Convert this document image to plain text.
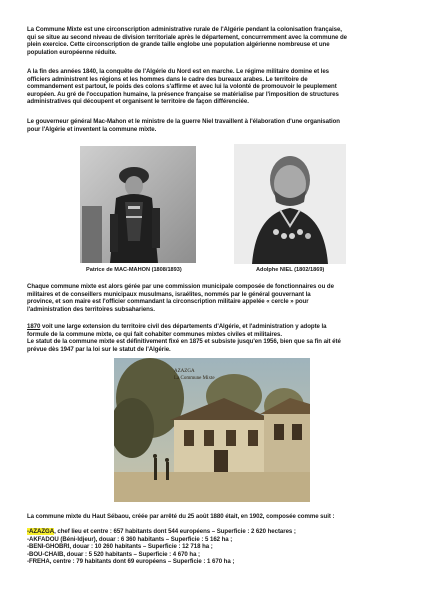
La Commune Mixte est une circonscription administrative rurale de l'Algérie pendant la colonisation française,
qui se situe au second niveau de division territoriale après le département, concurremment avec la commune de
plein exercice. Cette circonscription de grande taille englobe une population algérienne nombreuse et une
population européenne réduite.
A la fin des années 1840, la conquête de l'Algérie du Nord est en marche. Le régime militaire domine et les
officiers administrent les régions et les hommes dans le cadre des bureaux arabes. Le territoire de
commandement est partout, le poids des colons s'affirme et avec lui la volonté de promouvoir le peuplement
européen. Au gré de l'occupation humaine, la présence française se matérialise par l'imposition de structures
administratives qui découpent et organisent le territoire de façon différenciée.
Le gouverneur général Mac-Mahon et le ministre de la guerre Niel travaillent à l'élaboration d'une organisation
pour l'Algérie et inventent la commune mixte.
Patrice de MAC-MAHON (1808/1893)	Adolphe NIEL (1802/1869)
Chaque commune mixte est alors gérée par une commission municipale composée de fonctionnaires ou de
militaires et de conseillers municipaux musulmans, israélites, nommés par le général gouvernant la
province, et son maire est l'officier commandant la circonscription militaire appelée « cercle » pour
l'administration des territoires subsahariens.
1870 voit une large extension du territoire civil des départements d'Algérie, et l'administration y adopte la
formule de la commune mixte, ce qui fait cohabiter communes mixtes civiles et militaires.
Le statut de la commune mixte est définitivement fixé en 1875 et subsiste jusqu'en 1956, bien que sa fin ait été
prévue dès 1947 par la loi sur le statut de l'Algérie.
AZAZGA
La Commune Mixte
La commune mixte du Haut Sébaou, créée par arrêté du 25 août 1880 était, en 1902, composée comme suit :
-AZAZGA, chef lieu et centre : 657 habitants dont 544 européens – Superficie : 2 620 hectares ;
-AKFADOU (Béni-Idjeur), douar : 6 360 habitants – Superficie : 5 162 ha ;
-BENI-GHOBRI, douar : 10 260 habitants – Superficie : 12 718 ha ;
-BOU-CHAIB, douar : 5 520 habitants – Superficie : 4 670 ha ;
-FREHA, centre : 79 habitants dont 69 européens – Superficie : 1 670 ha ;
